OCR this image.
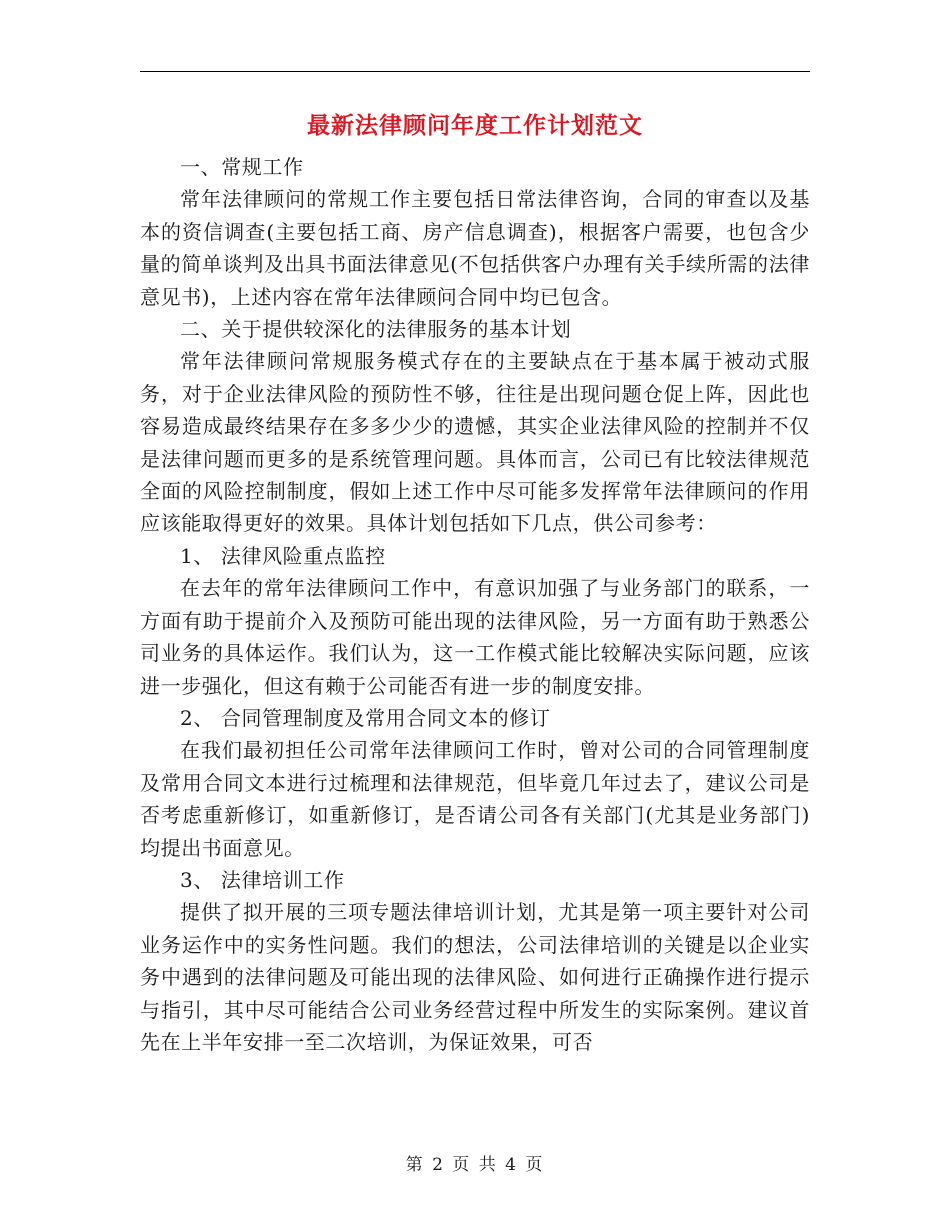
最新法律顾问年度工作计划范文

一、常规工作

常年法律顾问的常规工作主要包括日常法律咨询，合同的审查以及基本的资信调查(主要包括工商、房产信息调查)，根据客户需要，也包含少量的简单谈判及出具书面法律意见(不包括供客户办理有关手续所需的法律意见书)，上述内容在常年法律顾问合同中均已包含。

二、关于提供较深化的法律服务的基本计划

常年法律顾问常规服务模式存在的主要缺点在于基本属于被动式服务，对于企业法律风险的预防性不够，往往是出现问题仓促上阵，因此也容易造成最终结果存在多多少少的遗憾，其实企业法律风险的控制并不仅是法律问题而更多的是系统管理问题。具体而言，公司已有比较法律规范全面的风险控制制度，假如上述工作中尽可能多发挥常年法律顾问的作用应该能取得更好的效果。具体计划包括如下几点，供公司参考：

1、 法律风险重点监控

在去年的常年法律顾问工作中，有意识加强了与业务部门的联系，一方面有助于提前介入及预防可能出现的法律风险，另一方面有助于熟悉公司业务的具体运作。我们认为，这一工作模式能比较解决实际问题，应该进一步强化，但这有赖于公司能否有进一步的制度安排。

2、 合同管理制度及常用合同文本的修订

在我们最初担任公司常年法律顾问工作时，曾对公司的合同管理制度及常用合同文本进行过梳理和法律规范，但毕竟几年过去了，建议公司是否考虑重新修订，如重新修订，是否请公司各有关部门(尤其是业务部门)均提出书面意见。

3、 法律培训工作

提供了拟开展的三项专题法律培训计划，尤其是第一项主要针对公司业务运作中的实务性问题。我们的想法，公司法律培训的关键是以企业实务中遇到的法律问题及可能出现的法律风险、如何进行正确操作进行提示与指引，其中尽可能结合公司业务经营过程中所发生的实际案例。建议首先在上半年安排一至二次培训，为保证效果，可否

第 2 页 共 4 页
